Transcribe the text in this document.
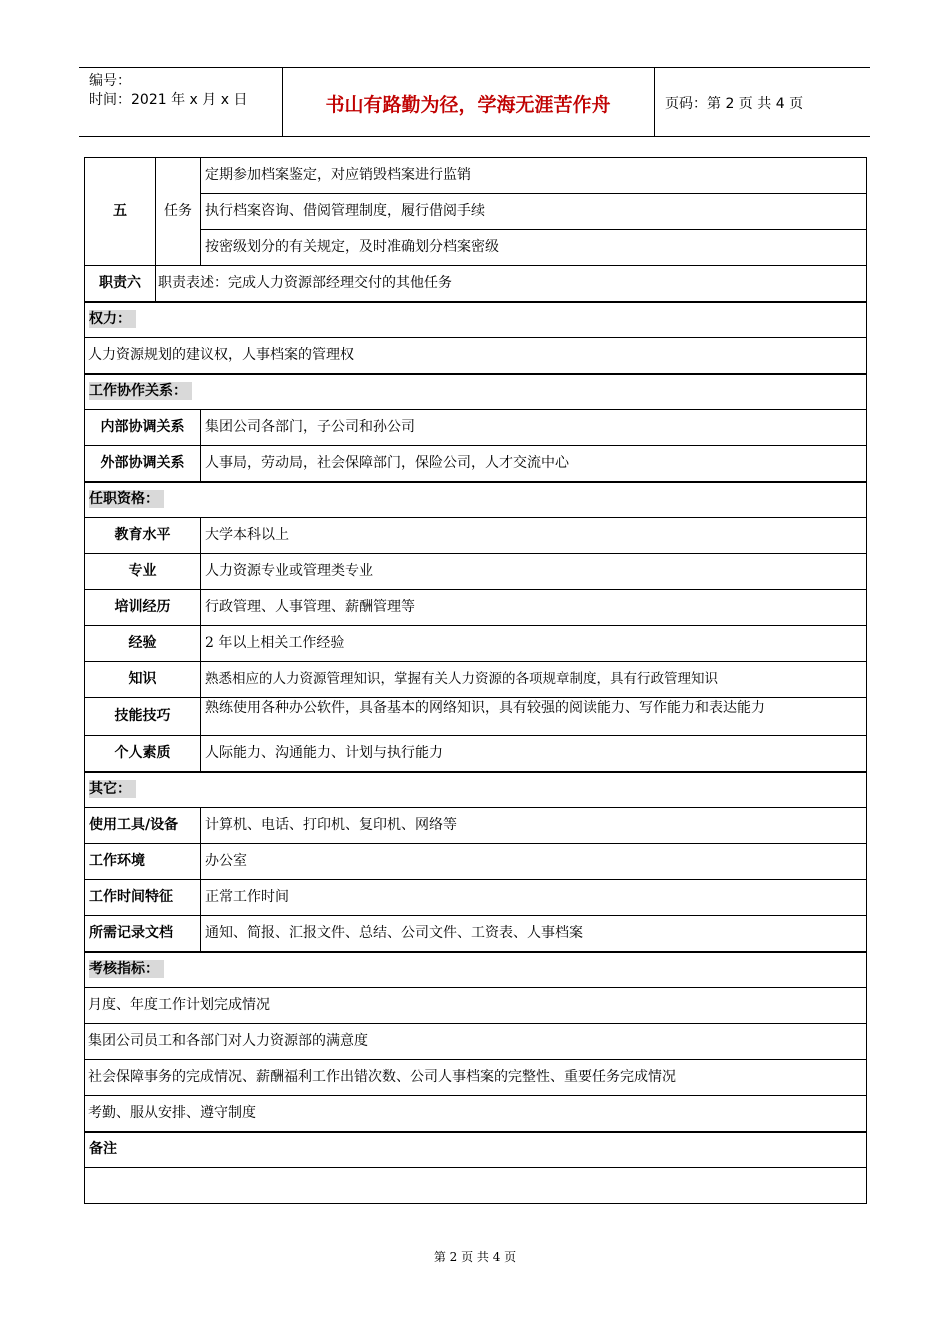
编号：
时间：2021 年 x 月 x 日	书山有路勤为径，学海无涯苦作舟	页码：第 2 页 共 4 页
五	任务	定期参加档案鉴定，对应销毁档案进行监销
		执行档案咨询、借阅管理制度，履行借阅手续
		按密级划分的有关规定，及时准确划分档案密级
职责六	职责表述：完成人力资源部经理交付的其他任务	
权力：		
人力资源规划的建议权，人事档案的管理权		
工作协作关系：		
内部协调关系		集团公司各部门，子公司和孙公司
外部协调关系		人事局，劳动局，社会保障部门，保险公司，人才交流中心
任职资格：		
教育水平		大学本科以上
专业		人力资源专业或管理类专业
培训经历		行政管理、人事管理、薪酬管理等
经验		2 年以上相关工作经验
知识		熟悉相应的人力资源管理知识，掌握有关人力资源的各项规章制度，具有行政管理知识
技能技巧		熟练使用各种办公软件，具备基本的网络知识，具有较强的阅读能力、写作能力和表达能力
个人素质		人际能力、沟通能力、计划与执行能力
其它：		
使用工具/设备		计算机、电话、打印机、复印机、网络等
工作环境		办公室
工作时间特征		正常工作时间
所需记录文档		通知、简报、汇报文件、总结、公司文件、工资表、人事档案
考核指标：		
月度、年度工作计划完成情况		
集团公司员工和各部门对人力资源部的满意度		
社会保障事务的完成情况、薪酬福利工作出错次数、公司人事档案的完整性、重要任务完成情况		
考勤、服从安排、遵守制度		
备注		

第 2 页 共 4 页
